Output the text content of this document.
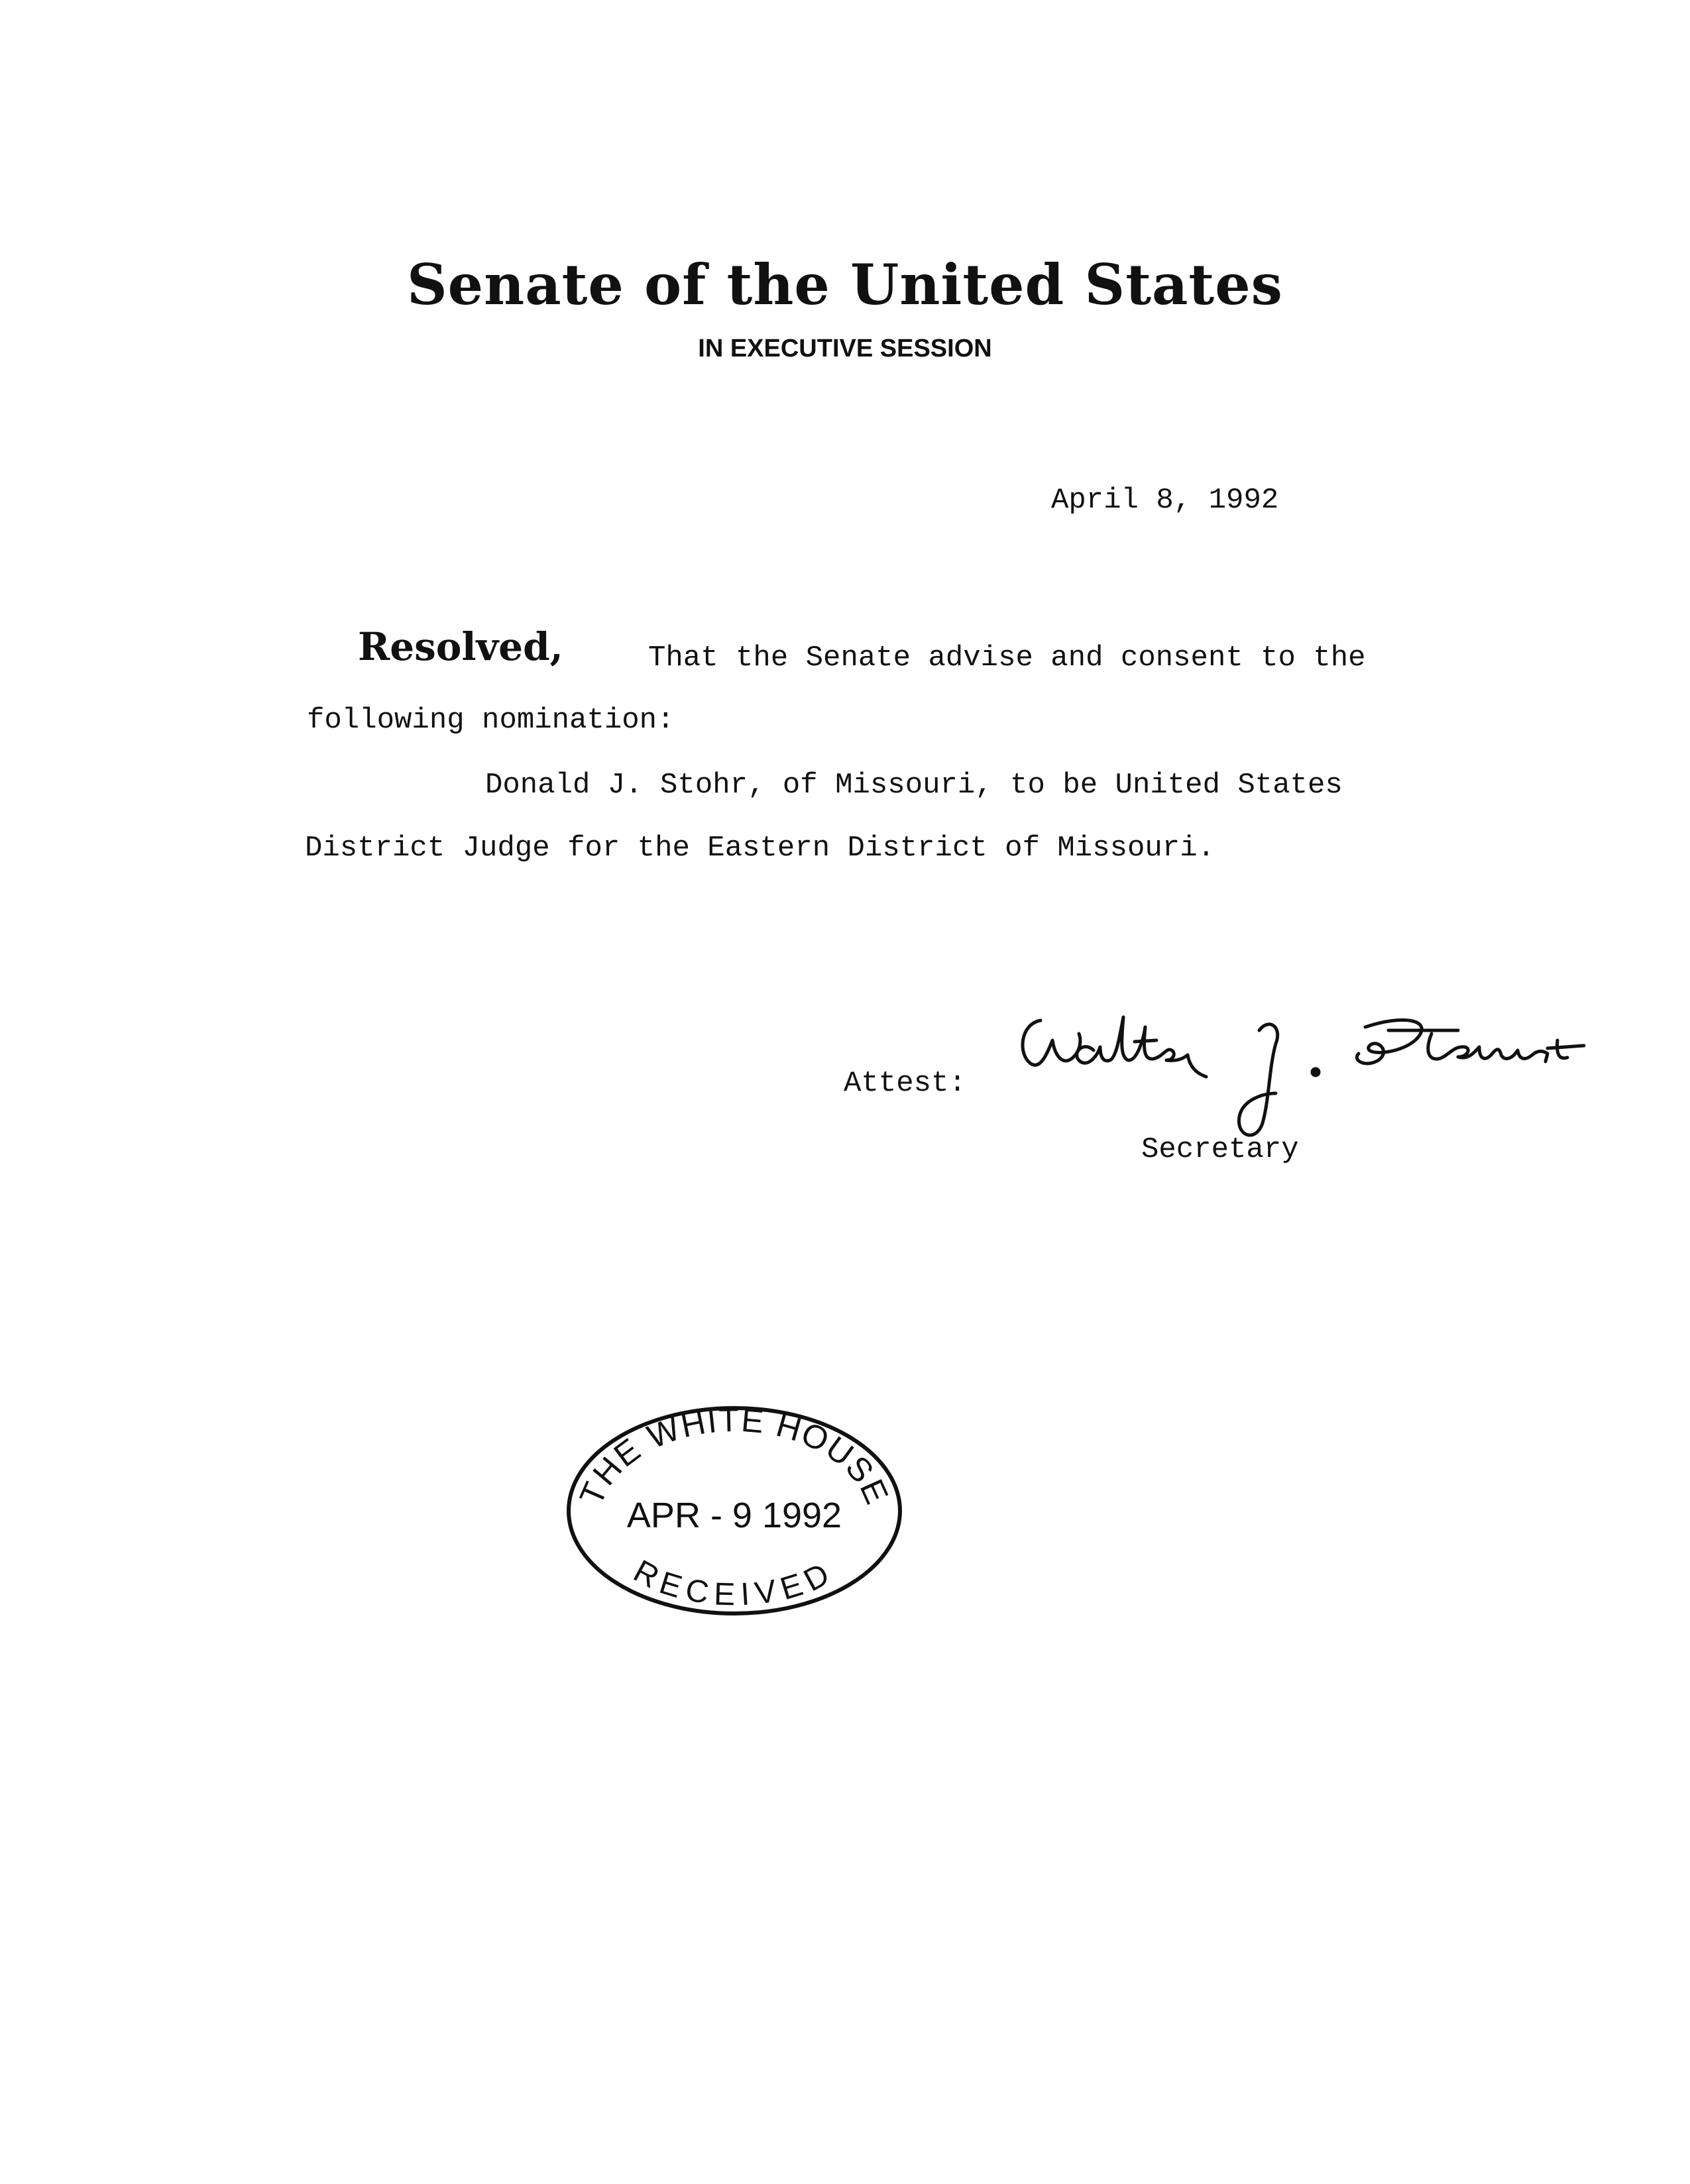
Senate of the United States
IN EXECUTIVE SESSION
April 8, 1992
Resolved,	That the Senate advise and consent to the
following nomination:
Donald J. Stohr, of Missouri, to be United States
District Judge for the Eastern District of Missouri.
Attest:
Secretary
THE WHITE HOUSE
APR - 9 1992
RECEIVED
